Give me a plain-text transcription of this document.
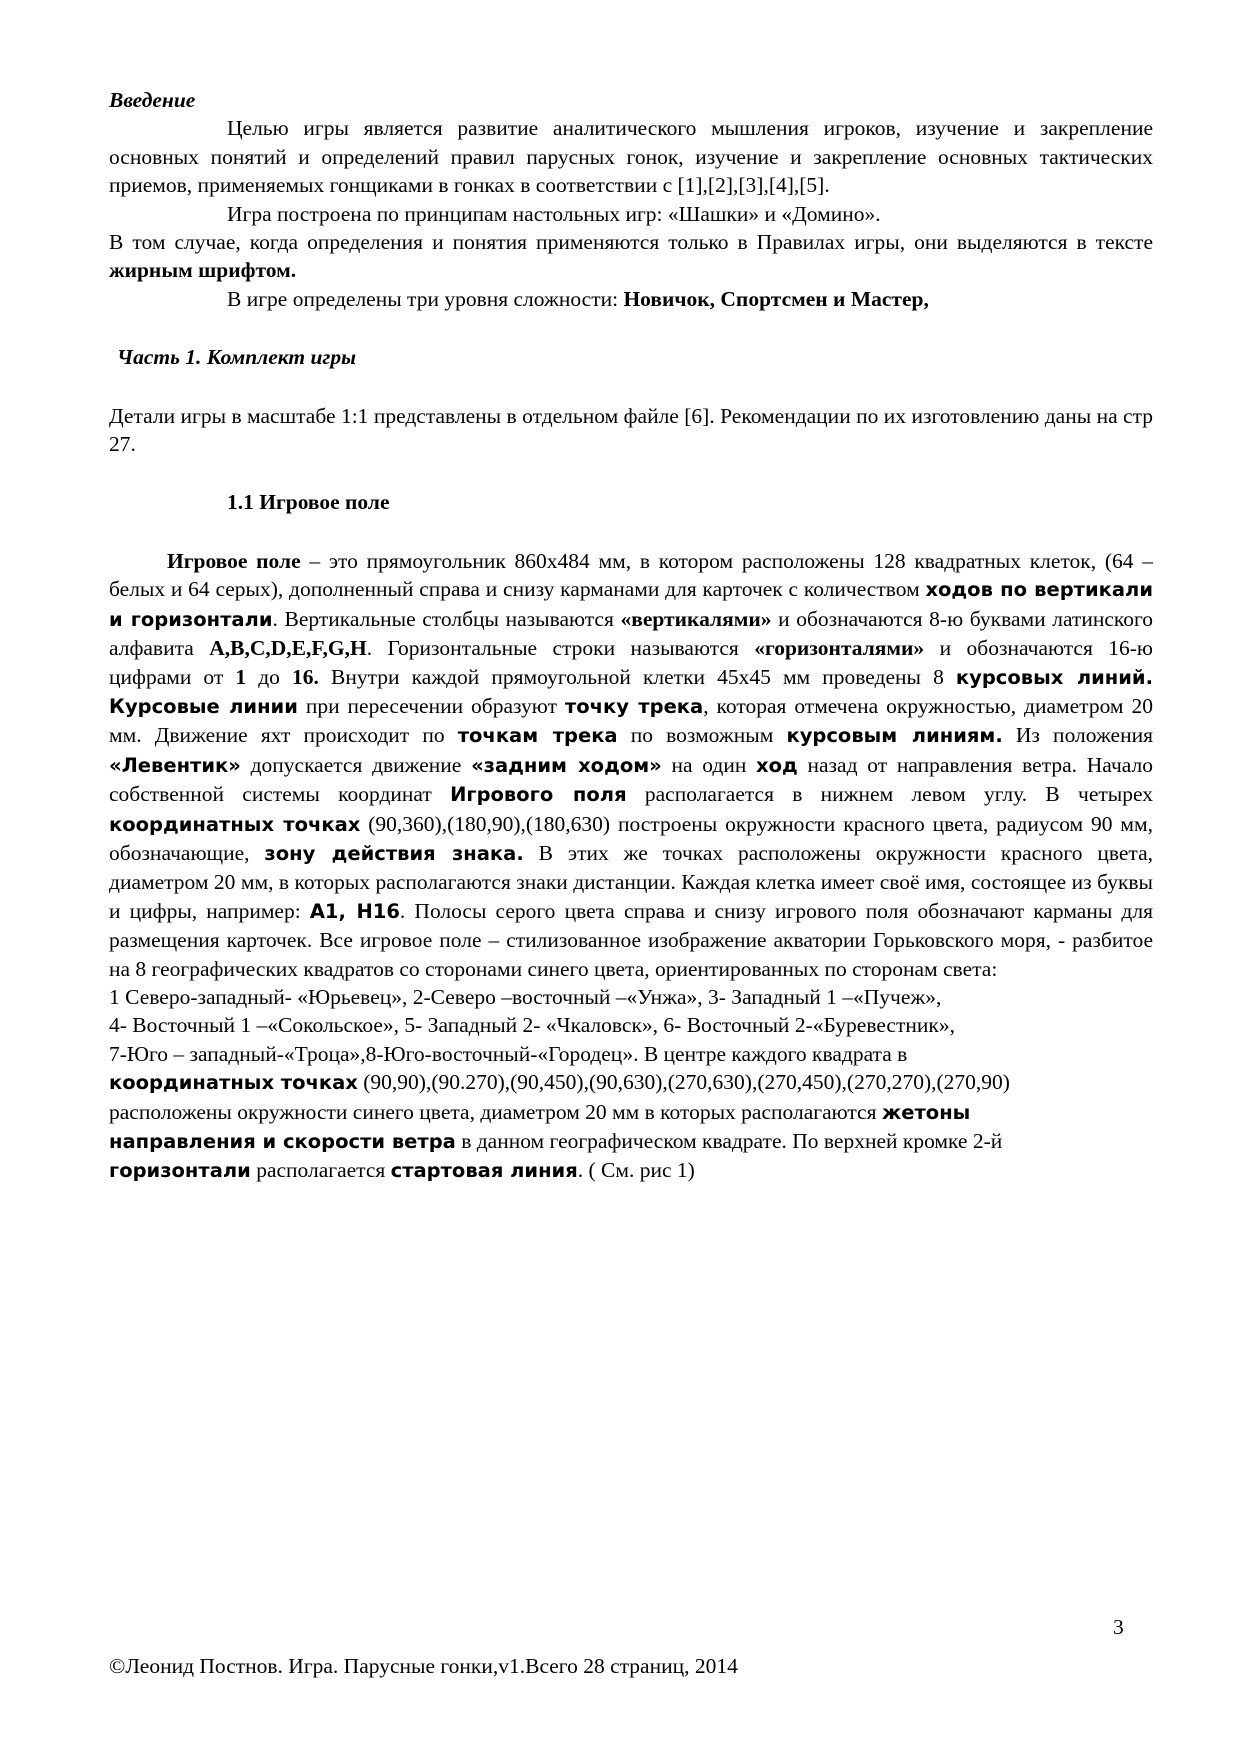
Введение

Целью игры является развитие аналитического мышления игроков, изучение и закрепление основных понятий и определений правил парусных гонок, изучение и закрепление основных тактических приемов, применяемых гонщиками в гонках в соответствии с [1],[2],[3],[4],[5].

Игра построена по принципам настольных игр: «Шашки» и «Домино».

В том случае, когда определения и понятия применяются только в Правилах игры, они выделяются в тексте жирным шрифтом.

В игре определены три уровня сложности: Новичок, Спортсмен и Мастер,

Часть 1. Комплект игры

Детали игры в масштабе 1:1 представлены в отдельном файле [6]. Рекомендации по их изготовлению даны на стр 27.

1.1 Игровое поле

Игровое поле – это прямоугольник 860х484 мм, в котором расположены 128 квадратных клеток, (64 –белых и 64 серых), дополненный справа и снизу карманами для карточек с количеством ходов по вертикали и горизонтали. Вертикальные столбцы называются «вертикалями» и обозначаются 8-ю буквами латинского алфавита A,B,C,D,E,F,G,H. Горизонтальные строки называются «горизонталями» и обозначаются 16-ю цифрами от 1 до 16. Внутри каждой прямоугольной клетки 45х45 мм проведены 8 курсовых линий. Курсовые линии при пересечении образуют точку трека, которая отмечена окружностью, диаметром 20 мм. Движение яхт происходит по точкам трека по возможным курсовым линиям. Из положения «Левентик» допускается движение «задним ходом» на один ход назад от направления ветра. Начало собственной системы координат Игрового поля располагается в нижнем левом углу. В четырех координатных точках (90,360),(180,90),(180,630) построены окружности красного цвета, радиусом 90 мм, обозначающие, зону действия знака. В этих же точках расположены окружности красного цвета, диаметром 20 мм, в которых располагаются знаки дистанции. Каждая клетка имеет своё имя, состоящее из буквы и цифры, например: A1, H16. Полосы серого цвета справа и снизу игрового поля обозначают карманы для размещения карточек. Все игровое поле – стилизованное изображение акватории Горьковского моря, - разбитое на 8 географических квадратов со сторонами синего цвета, ориентированных по сторонам света:

1 Северо-западный- «Юрьевец», 2-Северо –восточный –«Унжа», 3- Западный 1 –«Пучеж»,

4- Восточный 1 –«Сокольское», 5- Западный 2- «Чкаловск», 6- Восточный 2-«Буревестник»,

7-Юго – западный-«Троца»,8-Юго-восточный-«Городец». В центре каждого квадрата в

координатных точках (90,90),(90.270),(90,450),(90,630),(270,630),(270,450),(270,270),(270,90)

расположены окружности синего цвета, диаметром 20 мм в которых располагаются жетоны

направления и скорости ветра в данном географическом квадрате. По верхней кромке 2-й

горизонтали располагается стартовая линия. ( См. рис 1)

3
©Леонид Постнов. Игра. Парусные гонки,v1.Всего 28 страниц, 2014
